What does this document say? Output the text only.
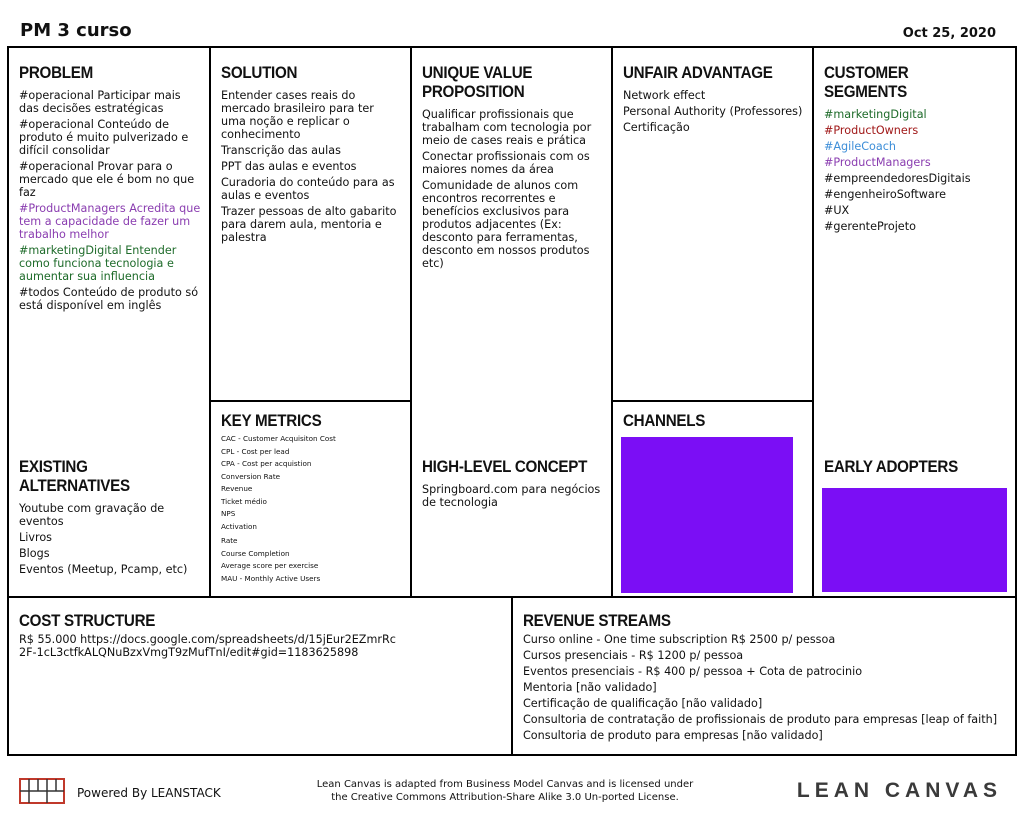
PM 3 curso	Oct 25, 2020
PROBLEM
#operacional Participar mais das decisões estratégicas
#operacional Conteúdo de produto é muito pulverizado e difícil consolidar
#operacional Provar para o mercado que ele é bom no que faz
#ProductManagers Acredita que tem a capacidade de fazer um trabalho melhor
#marketingDigital Entender como funciona tecnologia e aumentar sua influencia
#todos Conteúdo de produto só está disponível em inglês
EXISTING ALTERNATIVES
Youtube com gravação de eventos
Livros
Blogs
Eventos (Meetup, Pcamp, etc)
SOLUTION
Entender cases reais do mercado brasileiro para ter uma noção e replicar o conhecimento
Transcrição das aulas
PPT das aulas e eventos
Curadoria do conteúdo para as aulas e eventos
Trazer pessoas de alto gabarito para darem aula, mentoria e palestra
KEY METRICS
CAC - Customer Acquisiton Cost
CPL - Cost per lead
CPA - Cost per acquistion
Conversion Rate
Revenue
Ticket médio
NPS
Activation
Rate
Course Completion
Average score per exercise
MAU - Monthly Active Users
UNIQUE VALUE PROPOSITION
Qualificar profissionais que trabalham com tecnologia por meio de cases reais e prática
Conectar profissionais com os maiores nomes da área
Comunidade de alunos com encontros recorrentes e benefícios exclusivos para produtos adjacentes (Ex: desconto para ferramentas, desconto em nossos produtos etc)
HIGH-LEVEL CONCEPT
Springboard.com para negócios de tecnologia
UNFAIR ADVANTAGE
Network effect
Personal Authority (Professores)
Certificação
CHANNELS
CUSTOMER SEGMENTS
#marketingDigital
#ProductOwners
#AgileCoach
#ProductManagers
#empreendedoresDigitais
#engenheiroSoftware
#UX
#gerenteProjeto
EARLY ADOPTERS
COST STRUCTURE
R$ 55.000 https://docs.google.com/spreadsheets/d/15jEur2EZmrRc2F-1cL3ctfkALQNuBzxVmgT9zMufTnI/edit#gid=1183625898
REVENUE STREAMS
Curso online - One time subscription R$ 2500 p/ pessoa
Cursos presenciais - R$ 1200 p/ pessoa
Eventos presenciais - R$ 400 p/ pessoa + Cota de patrocinio
Mentoria [não validado]
Certificação de qualificação [não validado]
Consultoria de contratação de profissionais de produto para empresas [leap of faith]
Consultoria de produto para empresas [não validado]
Powered By LEANSTACK
Lean Canvas is adapted from Business Model Canvas and is licensed under
the Creative Commons Attribution-Share Alike 3.0 Un-ported License.	LEAN CANVAS
